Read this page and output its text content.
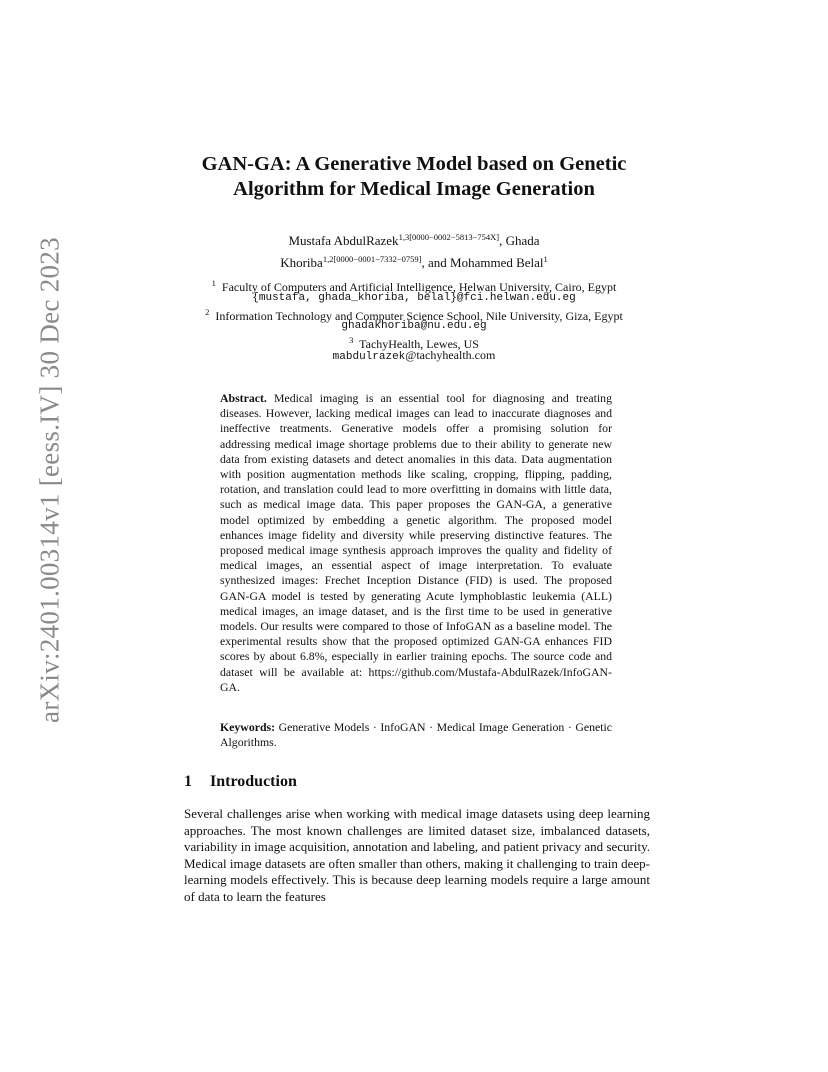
arXiv:2401.00314v1 [eess.IV] 30 Dec 2023
GAN-GA: A Generative Model based on Genetic
Algorithm for Medical Image Generation
Mustafa AbdulRazek$^{1,3[0000-0002-5813-754X]}$, Ghada
Khoriba$^{1,2[0000-0001-7332-0759]}$, and Mohammed Belal$^1$
$^1$ Faculty of Computers and Artificial Intelligence, Helwan University, Cairo, Egypt
{mustafa, ghada_khoriba, belal}@fci.helwan.edu.eg
$^2$ Information Technology and Computer Science School, Nile University, Giza, Egypt
ghadakhoriba@nu.edu.eg
$^3$ TachyHealth, Lewes, US
mabdulrazek@tachyhealth.com
Abstract. Medical imaging is an essential tool for diagnosing and treating diseases. However, lacking medical images can lead to inaccurate diagnoses and ineffective treatments. Generative models offer a promising solution for addressing medical image shortage problems due to their ability to generate new data from existing datasets and detect anomalies in this data. Data augmentation with position augmentation methods like scaling, cropping, flipping, padding, rotation, and translation could lead to more overfitting in domains with little data, such as medical image data. This paper proposes the GAN-GA, a generative model optimized by embedding a genetic algorithm. The proposed model enhances image fidelity and diversity while preserving distinctive features. The proposed medical image synthesis approach improves the quality and fidelity of medical images, an essential aspect of image interpretation. To evaluate synthesized images: Frechet Inception Distance (FID) is used. The proposed GAN-GA model is tested by generating Acute lymphoblastic leukemia (ALL) medical images, an image dataset, and is the first time to be used in generative models. Our results were compared to those of InfoGAN as a baseline model. The experimental results show that the proposed optimized GAN-GA enhances FID scores by about 6.8%, especially in earlier training epochs. The source code and dataset will be available at: https://github.com/Mustafa-AbdulRazek/InfoGAN-GA.
Keywords: Generative Models · InfoGAN · Medical Image Generation · Genetic Algorithms.
1 Introduction
Several challenges arise when working with medical image datasets using deep learning approaches. The most known challenges are limited dataset size, imbalanced datasets, variability in image acquisition, annotation and labeling, and patient privacy and security. Medical image datasets are often smaller than others, making it challenging to train deep-learning models effectively. This is because deep learning models require a large amount of data to learn the features
